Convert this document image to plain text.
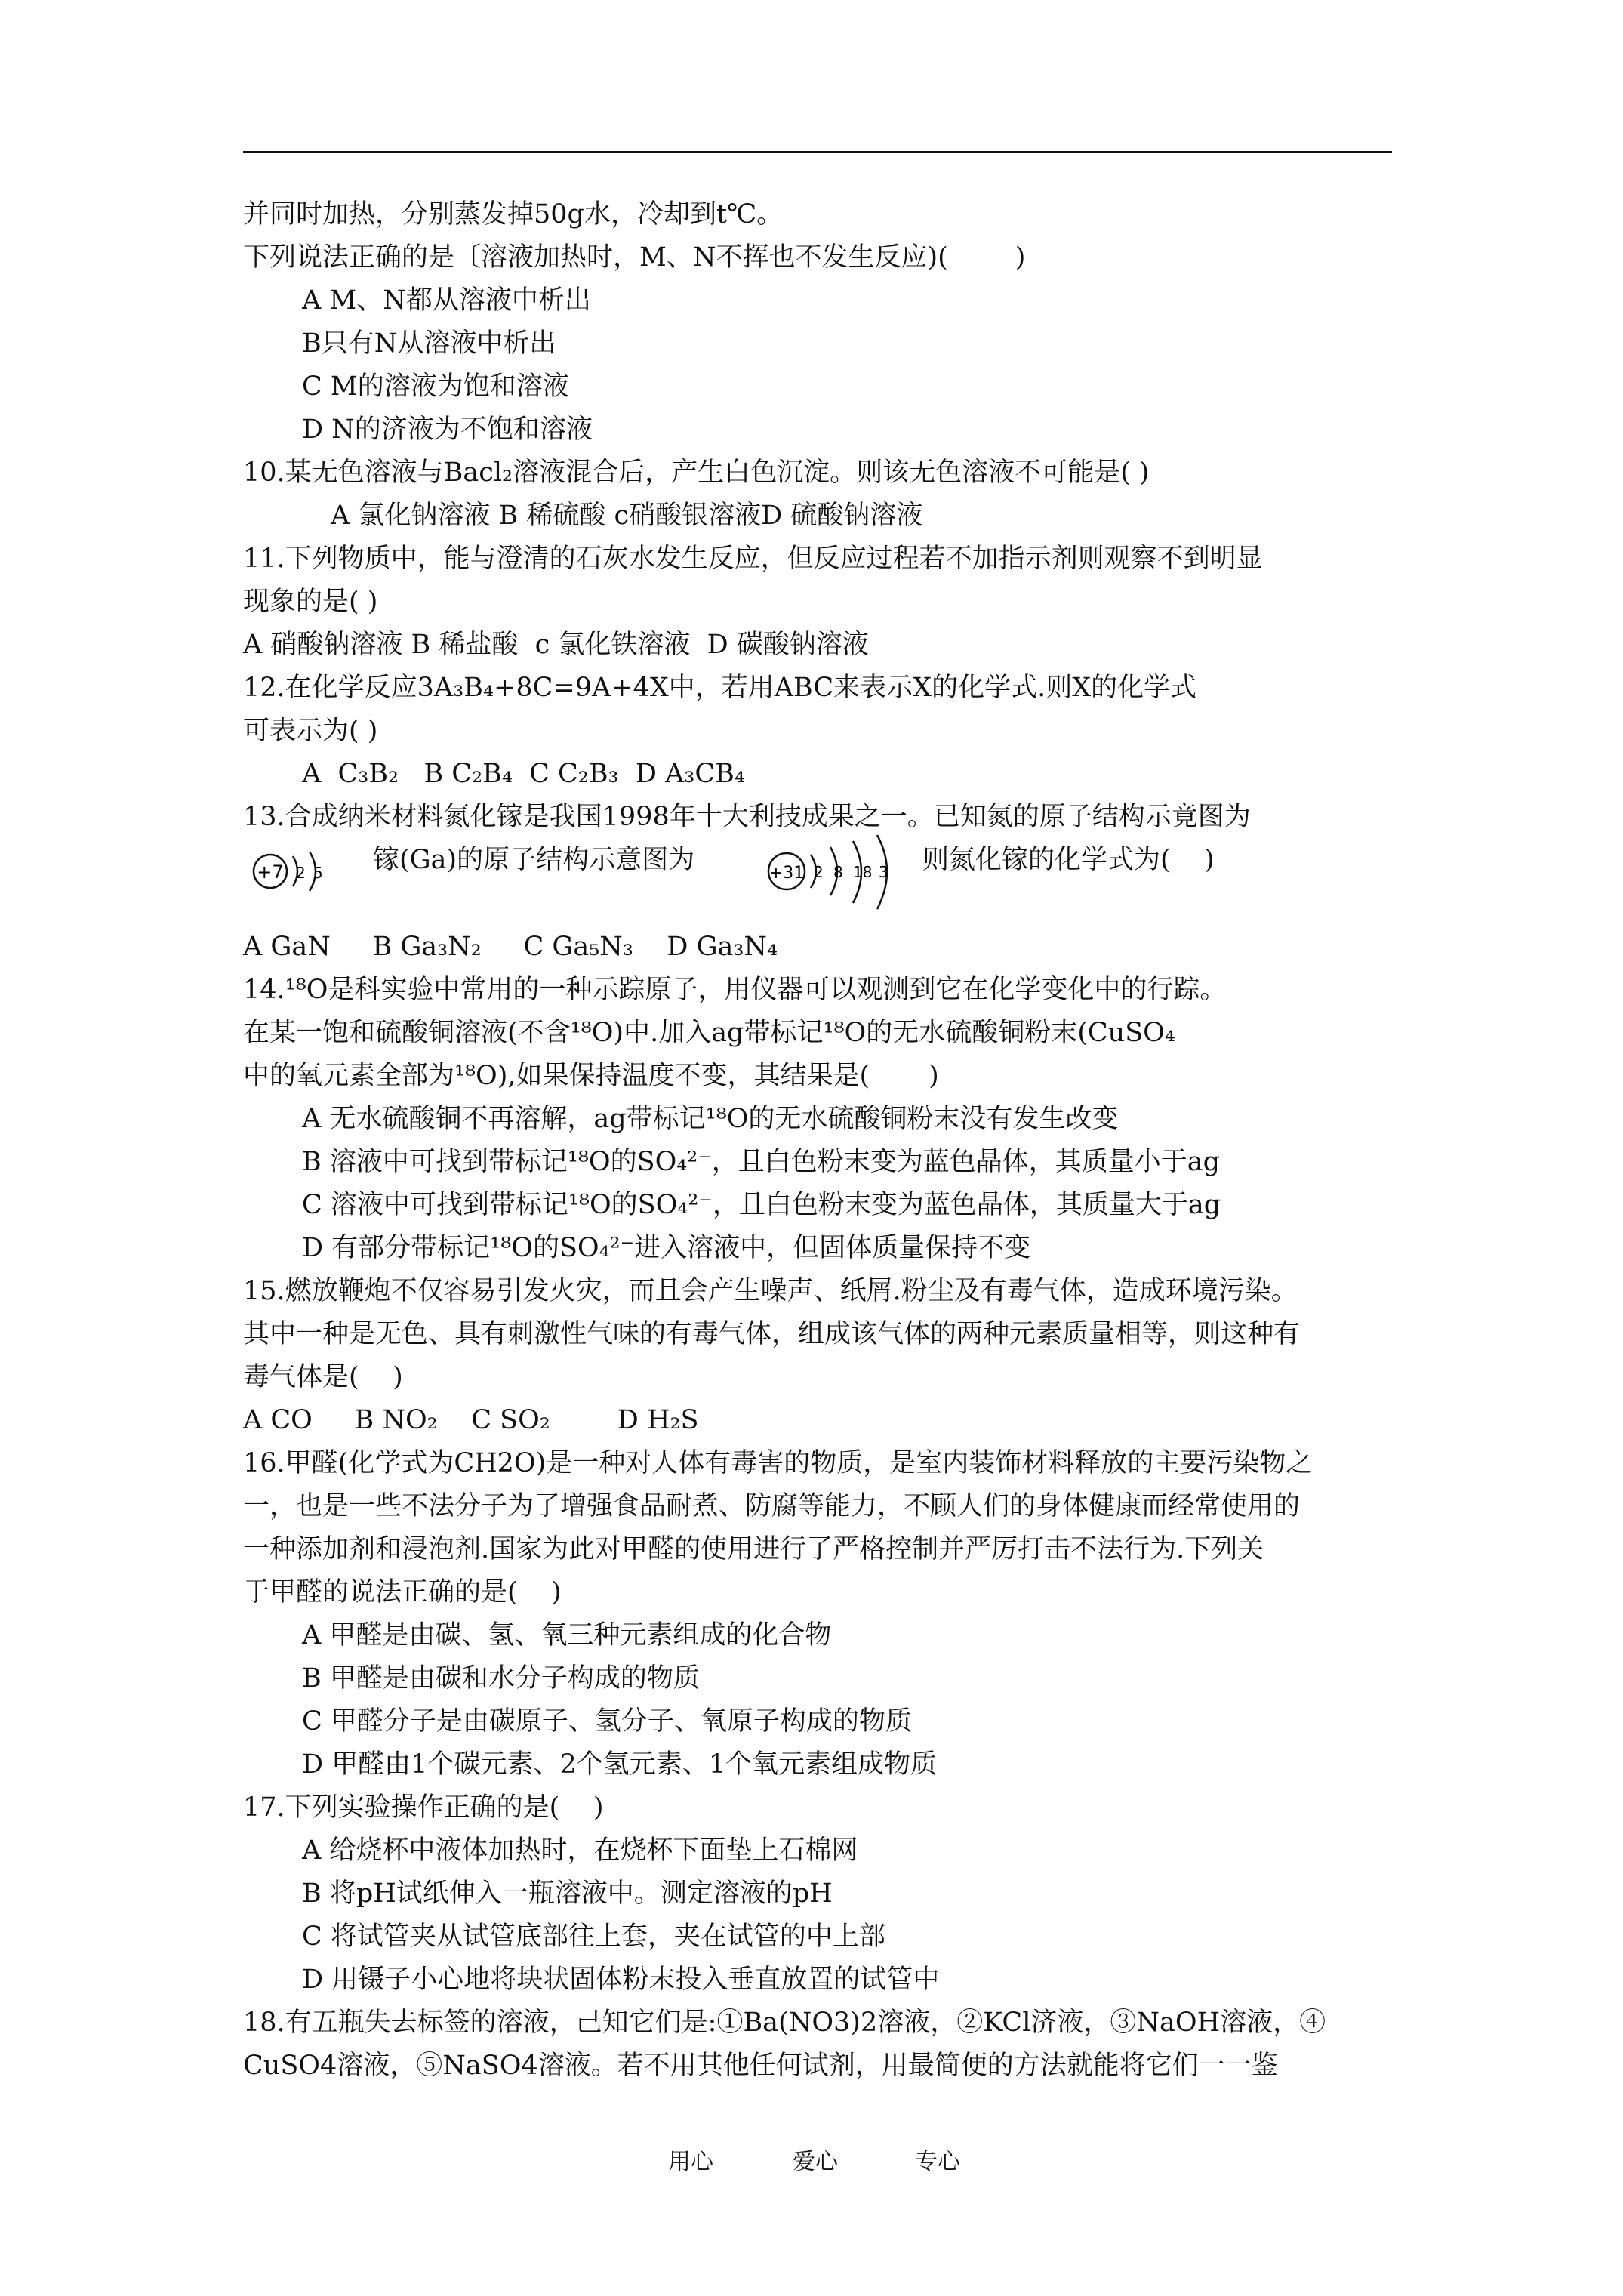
并同时加热，分别蒸发掉50g水，冷却到t℃。
下列说法正确的是〔溶液加热时，M、N不挥也不发生反应)(        )
A M、N都从溶液中析出
B只有N从溶液中析出
C M的溶液为饱和溶液
D N的济液为不饱和溶液
10.某无色溶液与Bacl₂溶液混合后，产生白色沉淀。则该无色溶液不可能是( )
A 氯化钠溶液 B 稀硫酸 c硝酸银溶液D 硫酸钠溶液
11.下列物质中，能与澄清的石灰水发生反应，但反应过程若不加指示剂则观察不到明显
现象的是( )
A 硝酸钠溶液 B 稀盐酸  c 氯化铁溶液  D 碳酸钠溶液
12.在化学反应3A₃B₄+8C=9A+4X中，若用ABC来表示X的化学式.则X的化学式
可表示为( )
A  C₃B₂   B C₂B₄  C C₂B₃  D A₃CB₄
13.合成纳米材料氮化镓是我国1998年十大利技成果之一。已知氮的原子结构示竟图为
+7 2 5 镓(Ga)的原子结构示意图为	+31 2 8 18 3 则氮化镓的化学式为(    )
A GaN     B Ga₃N₂     C Ga₅N₃    D Ga₃N₄
14.¹⁸O是科实验中常用的一种示踪原子，用仪器可以观测到它在化学变化中的行踪。
在某一饱和硫酸铜溶液(不含¹⁸O)中.加入ag带标记¹⁸O的无水硫酸铜粉末(CuSO₄
中的氧元素全部为¹⁸O),如果保持温度不变，其结果是(       )
A 无水硫酸铜不再溶解，ag带标记¹⁸O的无水硫酸铜粉末没有发生改变
B 溶液中可找到带标记¹⁸O的SO₄²⁻，且白色粉末变为蓝色晶体，其质量小于ag
C 溶液中可找到带标记¹⁸O的SO₄²⁻，且白色粉末变为蓝色晶体，其质量大于ag
D 有部分带标记¹⁸O的SO₄²⁻进入溶液中，但固体质量保持不变
15.燃放鞭炮不仅容易引发火灾，而且会产生噪声、纸屑.粉尘及有毒气体，造成环境污染。
其中一种是无色、具有刺激性气味的有毒气体，组成该气体的两种元素质量相等，则这种有
毒气体是(    )
A CO     B NO₂    C SO₂        D H₂S
16.甲醛(化学式为CH2O)是一种对人体有毒害的物质，是室内装饰材料释放的主要污染物之
一，也是一些不法分子为了增强食品耐煮、防腐等能力，不顾人们的身体健康而经常使用的
一种添加剂和浸泡剂.国家为此对甲醛的使用进行了严格控制并严厉打击不法行为.下列关
于甲醛的说法正确的是(    )
A 甲醛是由碳、氢、氧三种元素组成的化合物
B 甲醛是由碳和水分子构成的物质
C 甲醛分子是由碳原子、氢分子、氧原子构成的物质
D 甲醛由1个碳元素、2个氢元素、1个氧元素组成物质
17.下列实验操作正确的是(    )
A 给烧杯中液体加热时，在烧杯下面垫上石棉网
B 将pH试纸伸入一瓶溶液中。测定溶液的pH
C 将试管夹从试管底部往上套，夹在试管的中上部
D 用镊子小心地将块状固体粉末投入垂直放置的试管中
18.有五瓶失去标签的溶液，己知它们是:①Ba(NO3)2溶液，②KCl济液，③NaOH溶液，④
CuSO4溶液，⑤NaSO4溶液。若不用其他任何试剂，用最简便的方法就能将它们一一鉴
用心	爱心	专心
